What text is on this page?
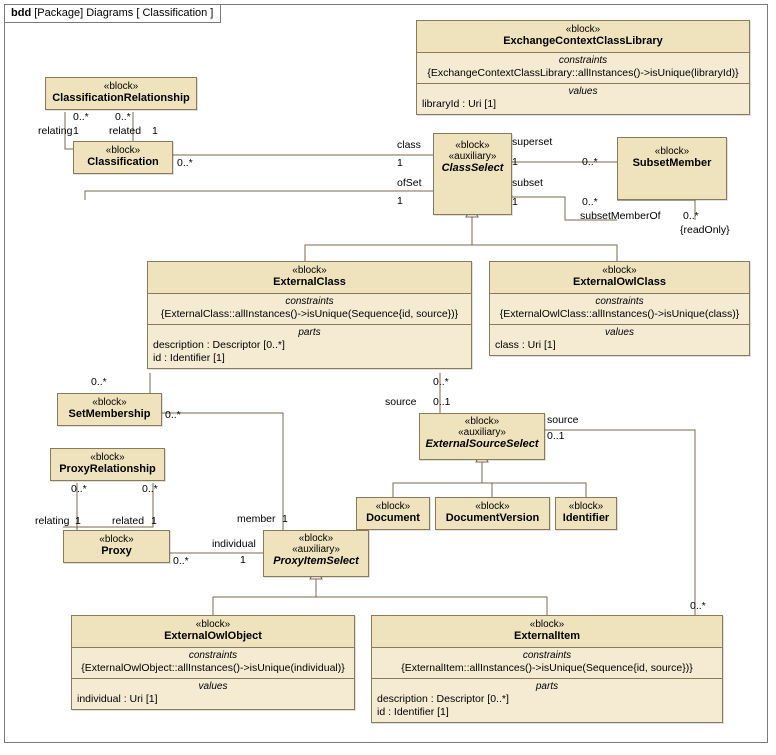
bdd [Package] Diagrams [ Classification ]
«block»
ClassificationRelationship
«block»
Classification
«block»
ExchangeContextClassLibrary
constraints
{ExchangeContextClassLibrary::allInstances()->isUnique(libraryId)}
values
libraryId : Uri [1]
«block»
«auxiliary»
ClassSelect
«block»
SubsetMember
«block»
ExternalClass
constraints
{ExternalClass::allInstances()->isUnique(Sequence{id, source})}
parts
description : Descriptor [0..*]
id : Identifier [1]
«block»
ExternalOwlClass
constraints
{ExternalOwlClass::allInstances()->isUnique(class)}
values
class : Uri [1]
«block»
SetMembership
«block»
ProxyRelationship
«block»
Proxy
«block»
«auxiliary»
ExternalSourceSelect
«block»
Document
«block»
DocumentVersion
«block»
Identifier
«block»
«auxiliary»
ProxyItemSelect
«block»
ExternalOwlObject
constraints
{ExternalOwlObject::allInstances()->isUnique(individual)}
values
individual : Uri [1]
«block»
ExternalItem
constraints
{ExternalItem::allInstances()->isUnique(Sequence{id, source})}
parts
description : Descriptor [0..*]
id : Identifier [1]
0..*
relating 1
0..*
related 1
0..*
class
1
ofSet
1
superset
1	0..*
subset
1	0..*
subsetMemberOf 0..*
{readOnly}
0..*
0..*
0..*
source 0..1
source
0..1
0..*
0..*	0..*
relating 1	related 1	member 1
individual
1
0..*
